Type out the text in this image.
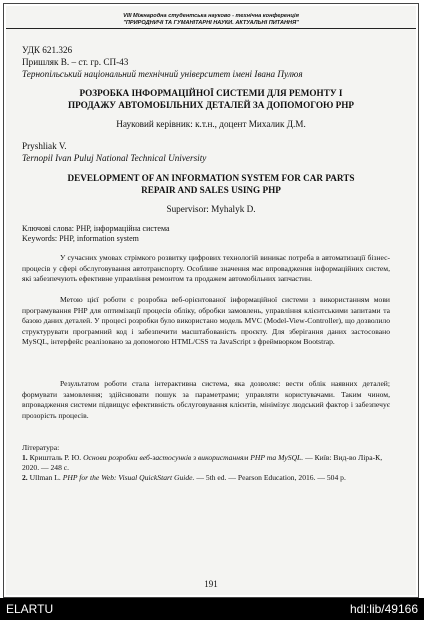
VIII Міжнародна студентська науково - технічна конференція
"ПРИРОДНИЧІ ТА ГУМАНІТАРНІ НАУКИ. АКТУАЛЬНІ ПИТАННЯ"
УДК 621.326
Пришляк В. – ст. гр. СП-43
Тернопільський національний технічний університет імені Івана Пулюя
РОЗРОБКА ІНФОРМАЦІЙНОЇ СИСТЕМИ ДЛЯ РЕМОНТУ І
ПРОДАЖУ АВТОМОБІЛЬНИХ ДЕТАЛЕЙ ЗА ДОПОМОГОЮ PHP
Науковий керівник: к.т.н., доцент Михалик Д.М.
Pryshliak V.
Ternopil Ivan Puluj National Technical University
DEVELOPMENT OF AN INFORMATION SYSTEM FOR CAR PARTS
REPAIR AND SALES USING PHP
Supervisor: Myhalyk D.
Ключові слова: PHP, інформаційна система
Keywords: PHP, information system
У сучасних умовах стрімкого розвитку цифрових технологій виникає потреба в автоматизації бізнес-процесів у сфері обслуговування автотранспорту. Особливе значення має впровадження інформаційних систем, які забезпечують ефективне управління ремонтом та продажем автомобільних запчастин.
Метою цієї роботи є розробка веб-орієнтованої інформаційної системи з використанням мови програмування PHP для оптимізації процесів обліку, обробки замовлень, управління клієнтськими запитами та базою даних деталей. У процесі розробки було використано модель MVC (Model-View-Controller), що дозволило структурувати програмний код і забезпечити масштабованість проєкту. Для зберігання даних застосовано MySQL, інтерфейс реалізовано за допомогою HTML/CSS та JavaScript з фреймворком Bootstrap.
Результатом роботи стала інтерактивна система, яка дозволяє: вести облік наявних деталей; формувати замовлення; здійснювати пошук за параметрами; управляти користувачами. Таким чином, впровадження системи підвищує ефективність обслуговування клієнтів, мінімізує людський фактор і забезпечує прозорість процесів.
Література:
1. Кришталь Р. Ю. Основи розробки веб-застосунків з використанням PHP та MySQL. — Київ: Вид-во Ліра-К, 2020. — 248 с.
2. Ullman L. PHP for the Web: Visual QuickStart Guide. — 5th ed. — Pearson Education, 2016. — 504 p.
191
ELARTU	hdl:lib/49166
